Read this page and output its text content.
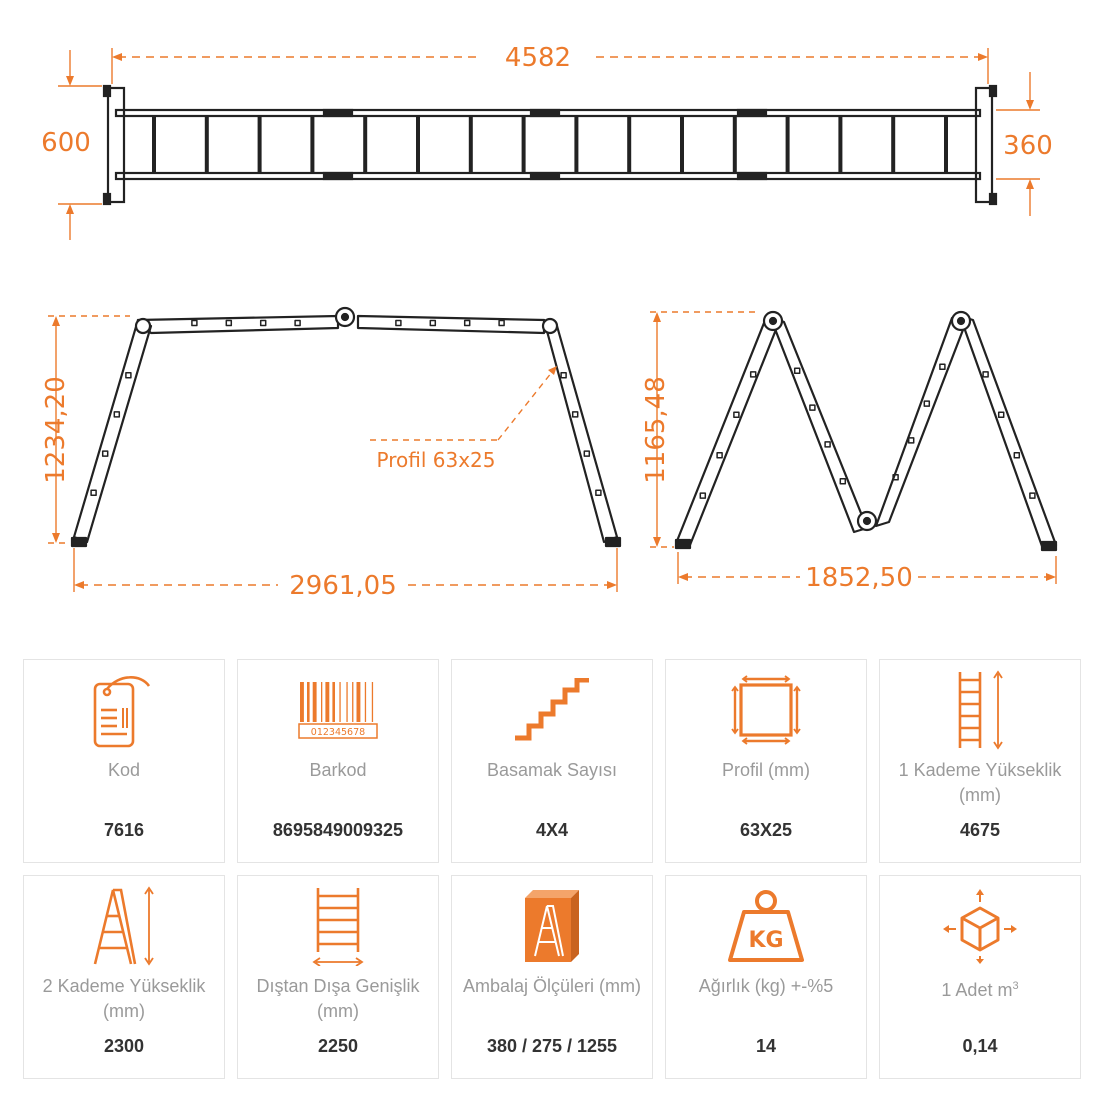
4582
600	360
1234,20
2961,05
Profil 63x25	1165,48
1852,50
Kod
7616
012345678
Barkod
8695849009325
Basamak Sayısı
4X4
Profil (mm)
63X25
1 Kademe Yükseklik (mm)
4675
2 Kademe Yükseklik (mm)
2300
Dıştan Dışa Genişlik (mm)
2250
Ambalaj Ölçüleri (mm)
380 / 275 / 1255
KG
Ağırlık (kg) +-%5
14
1 Adet $m^3$
0,14
